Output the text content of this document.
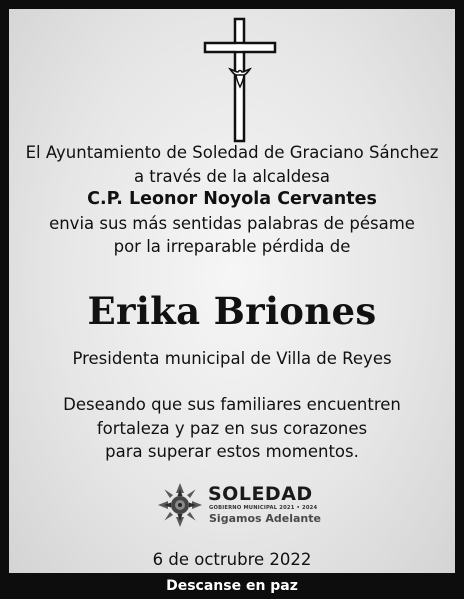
El Ayuntamiento de Soledad de Graciano Sánchez
a través de la alcaldesa
C.P. Leonor Noyola Cervantes
envia sus más sentidas palabras de pésame
por la irreparable pérdida de
Erika Briones
Presidenta municipal de Villa de Reyes
Deseando que sus familiares encuentren
fortaleza y paz en sus corazones
para superar estos momentos.
SOLEDAD
GOBIERNO MUNICIPAL 2021 • 2024
Sigamos Adelante
6 de octrubre 2022
Descanse en paz
